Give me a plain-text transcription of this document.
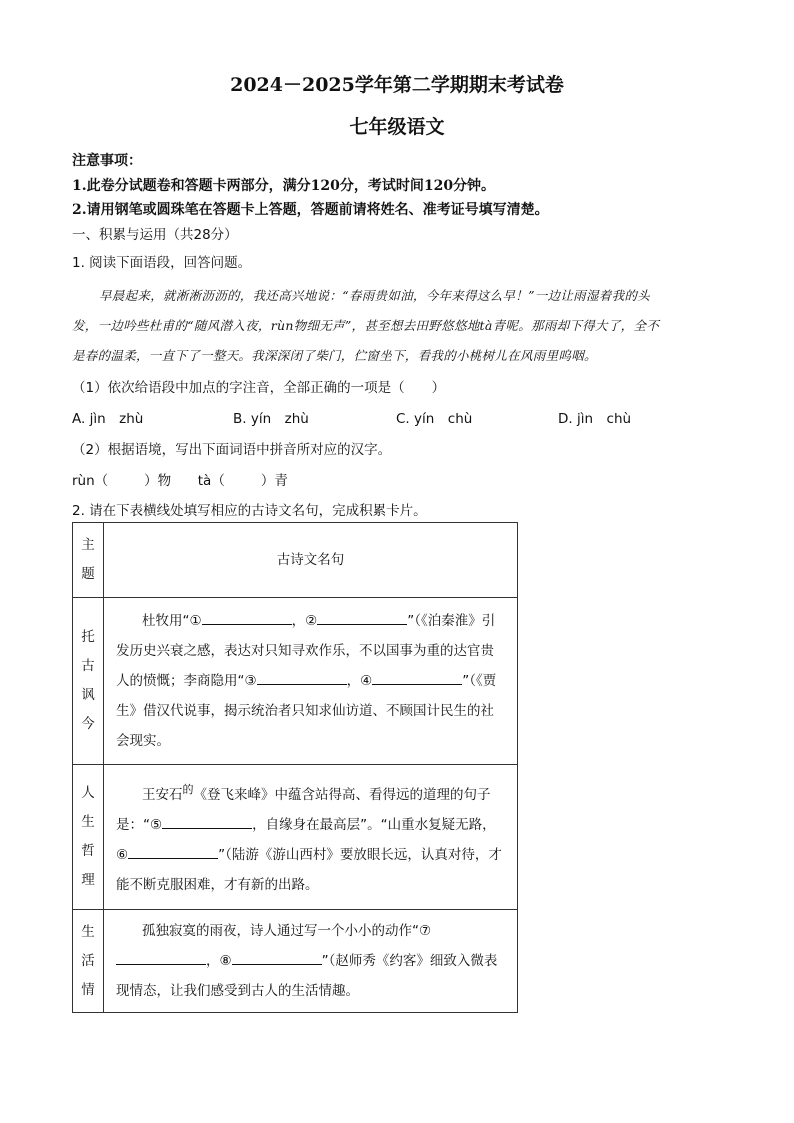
2024－2025学年第二学期期末考试卷
七年级语文
注意事项：
1.此卷分试题卷和答题卡两部分，满分120分，考试时间120分钟。
2.请用钢笔或圆珠笔在答题卡上答题，答题前请将姓名、准考证号填写清楚。
一、积累与运用（共28分）
1. 阅读下面语段，回答问题。
早晨起来，就淅淅沥沥的，我还高兴地说：“春雨贵如油，今年来得这么早！”一边让雨湿着我的头
发，一边吟些杜甫的“随风潜入夜，rùn物细无声”，甚至想去田野悠悠地tà青呢。那雨却下得大了，全不
是春的温柔，一直下了一整天。我深深闭了柴门，伫窗坐下，看我的小桃树儿在风雨里呜咽。
（1）依次给语段中加点的字注音，全部正确的一项是（　　）
A. jìn　zhù	B. yín　zhù	C. yín　chù	D. jìn　chù
（2）根据语境，写出下面词语中拼音所对应的汉字。
rùn（	）物 tà（	）青
2. 请在下表横线处填写相应的古诗文名句，完成积累卡片。
主
题	古诗文名句

托古讽今	杜牧用“① ，② ”（《泊秦淮》引发历史兴衰之感，表达对只知寻欢作乐，不以国事为重的达官贵人的愤慨；李商隐用“③ ，④ ”（《贾生》借汉代说事，揭示统治者只知求仙访道、不顾国计民生的社会现实。

人生哲理	王安石$^的$《登飞来峰》中蕴含站得高、看得远的道理的句子是：“⑤ ，自缘身在最高层”。“山重水复疑无路，⑥ ”（陆游《游山西村》要放眼长远，认真对待，才能不断克服困难，才有新的出路。

生活情	孤独寂寞的雨夜，诗人通过写一个小小的动作“⑦，⑧ ”（赵师秀《约客》细致入微表现情态，让我们感受到古人的生活情趣。
